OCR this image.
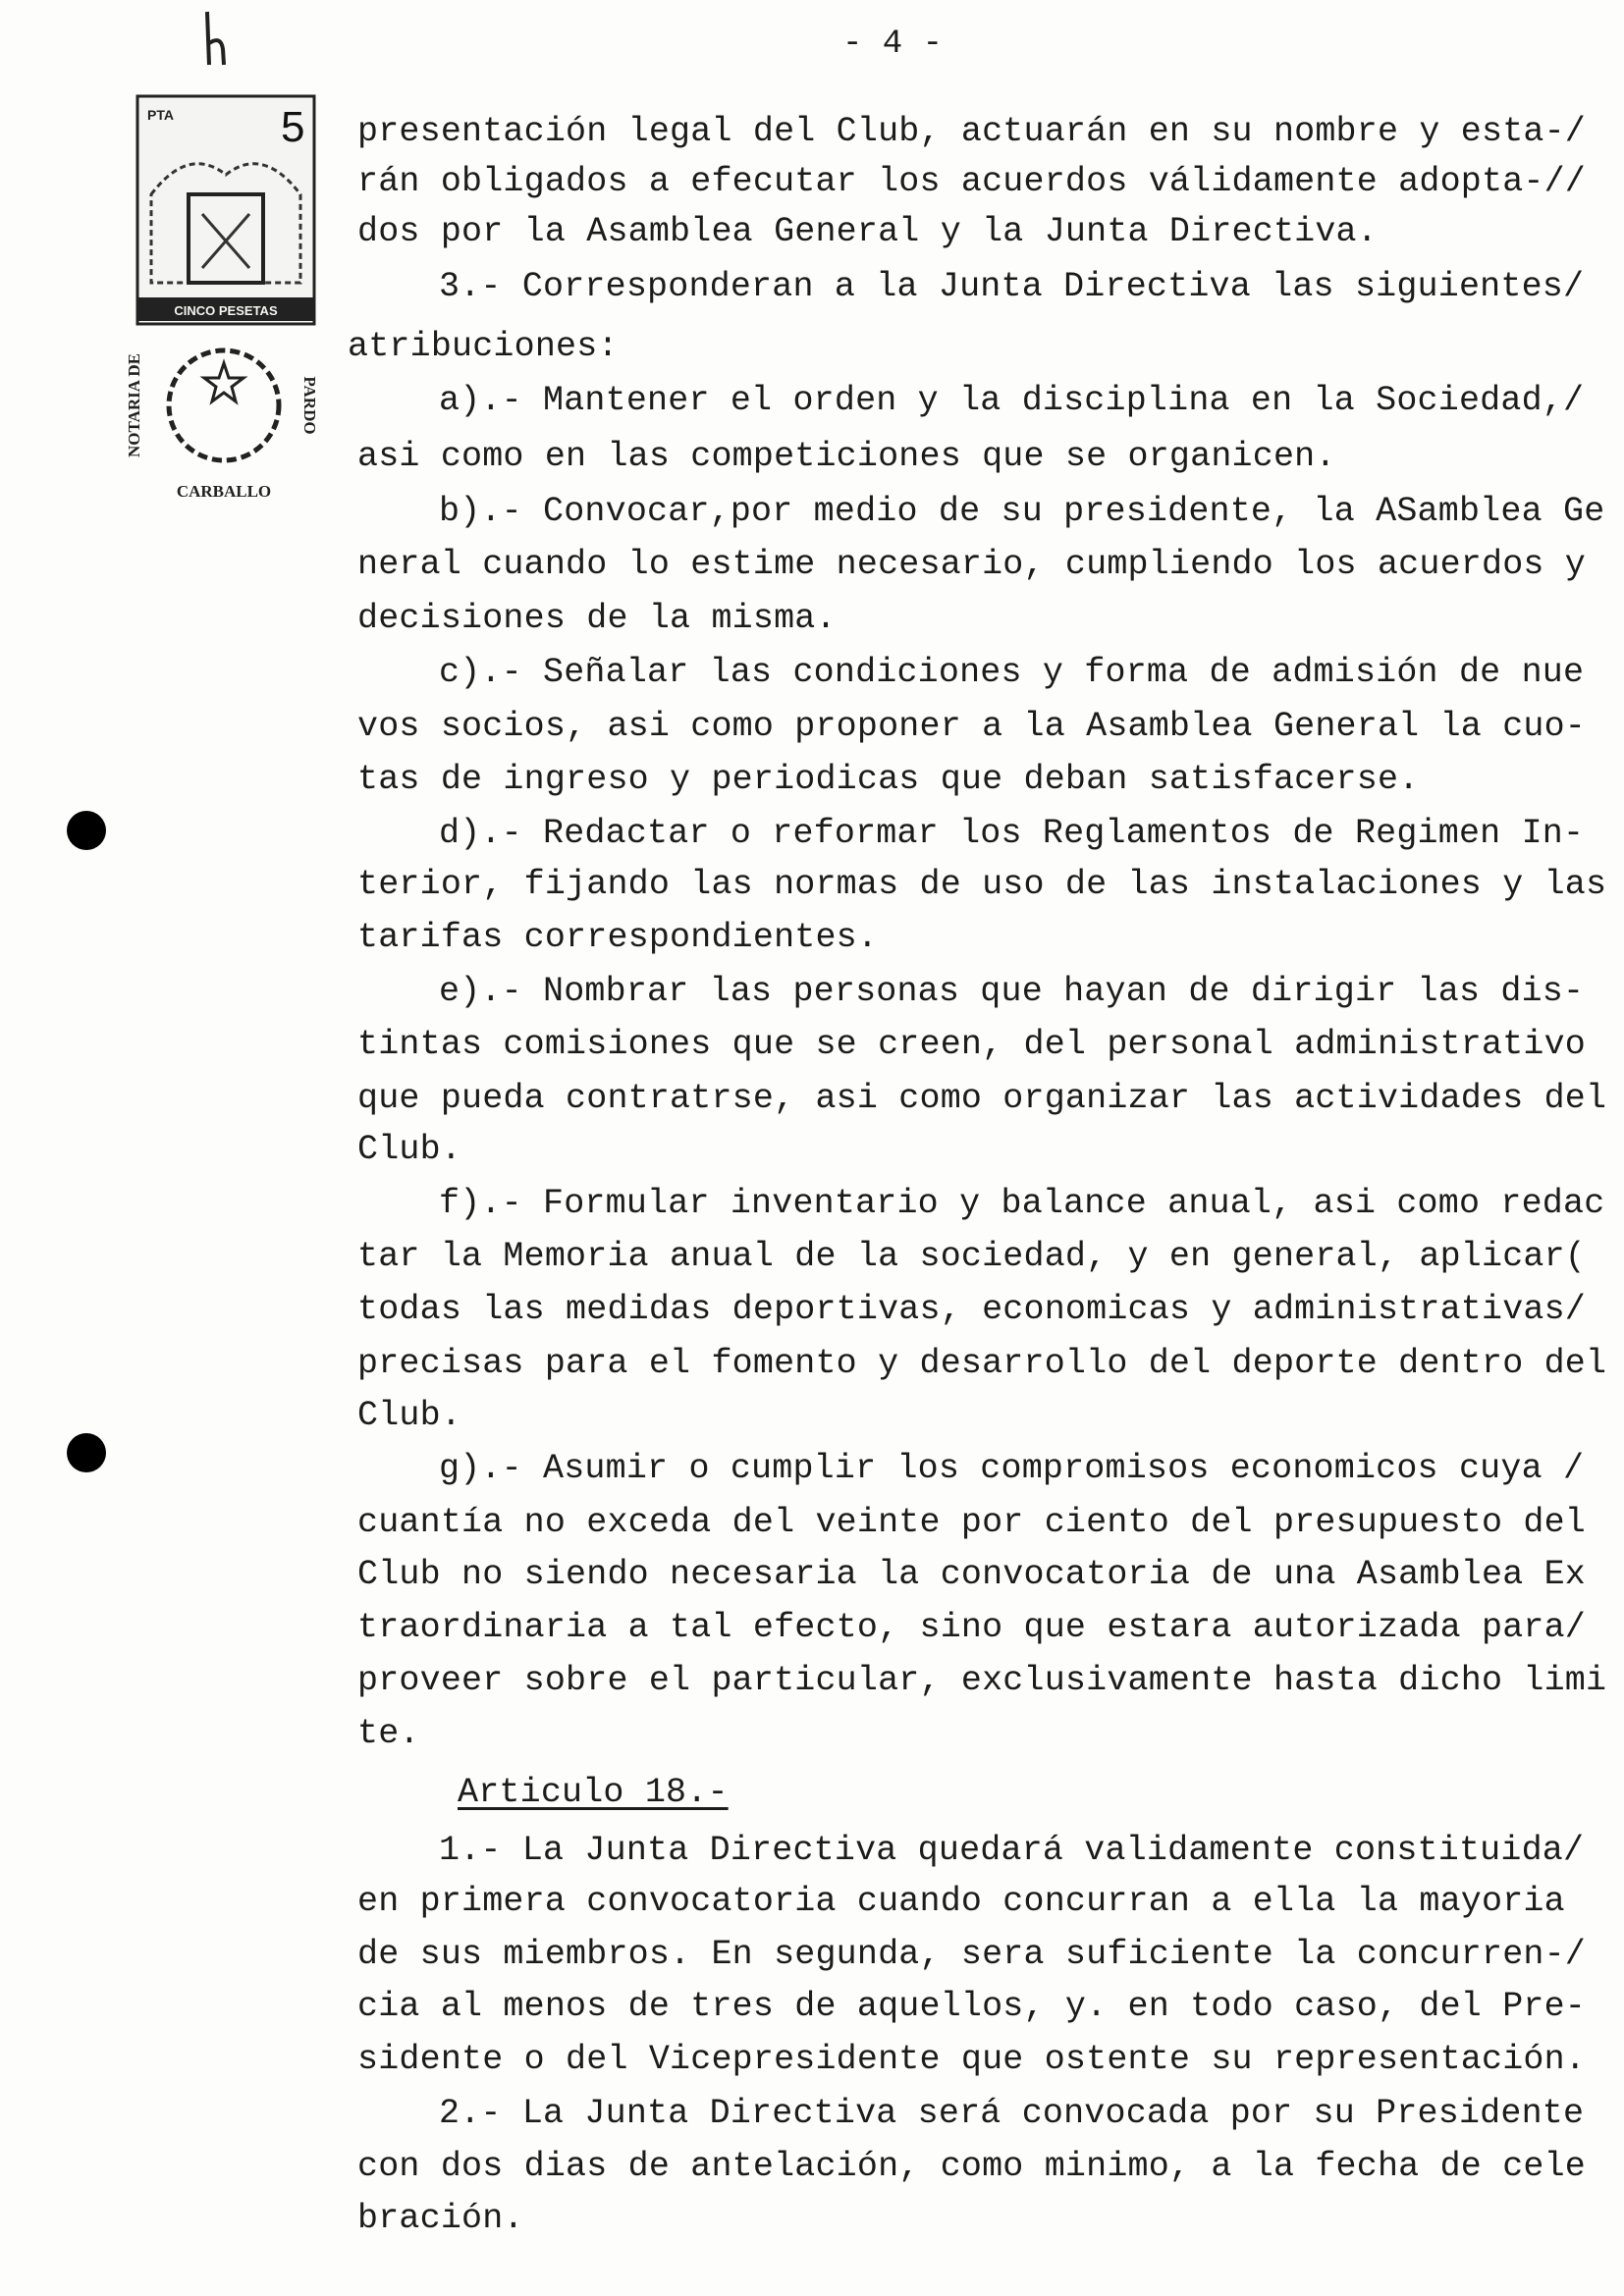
- 4 -
PTA 5
CINCO PESETAS
NOTARIA DE	PARDO
CARBALLO
presentación legal del Club, actuarán en su nombre y esta-/
rán obligados a efecutar los acuerdos válidamente adopta-//
dos por la Asamblea General y la Junta Directiva.
3.- Corresponderan a la Junta Directiva las siguientes/
atribuciones:
a).- Mantener el orden y la disciplina en la Sociedad,/
asi como en las competiciones que se organicen.
b).- Convocar,por medio de su presidente, la ASamblea Ge
neral cuando lo estime necesario, cumpliendo los acuerdos y
decisiones de la misma.
c).- Señalar las condiciones y forma de admisión de nue
vos socios, asi como proponer a la Asamblea General la cuo-
tas de ingreso y periodicas que deban satisfacerse.
d).- Redactar o reformar los Reglamentos de Regimen In-
terior, fijando las normas de uso de las instalaciones y las
tarifas correspondientes.
e).- Nombrar las personas que hayan de dirigir las dis-
tintas comisiones que se creen, del personal administrativo
que pueda contratrse, asi como organizar las actividades del
Club.
f).- Formular inventario y balance anual, asi como redac
tar la Memoria anual de la sociedad, y en general, aplicar(
todas las medidas deportivas, economicas y administrativas/
precisas para el fomento y desarrollo del deporte dentro del
Club.
g).- Asumir o cumplir los compromisos economicos cuya /
cuantía no exceda del veinte por ciento del presupuesto del
Club no siendo necesaria la convocatoria de una Asamblea Ex
traordinaria a tal efecto, sino que estara autorizada para/
proveer sobre el particular, exclusivamente hasta dicho limi
te.
Articulo 18.-
1.- La Junta Directiva quedará validamente constituida/
en primera convocatoria cuando concurran a ella la mayoria
de sus miembros. En segunda, sera suficiente la concurren-/
cia al menos de tres de aquellos, y. en todo caso, del Pre-
sidente o del Vicepresidente que ostente su representación.
2.- La Junta Directiva será convocada por su Presidente
con dos dias de antelación, como minimo, a la fecha de cele
bración.
